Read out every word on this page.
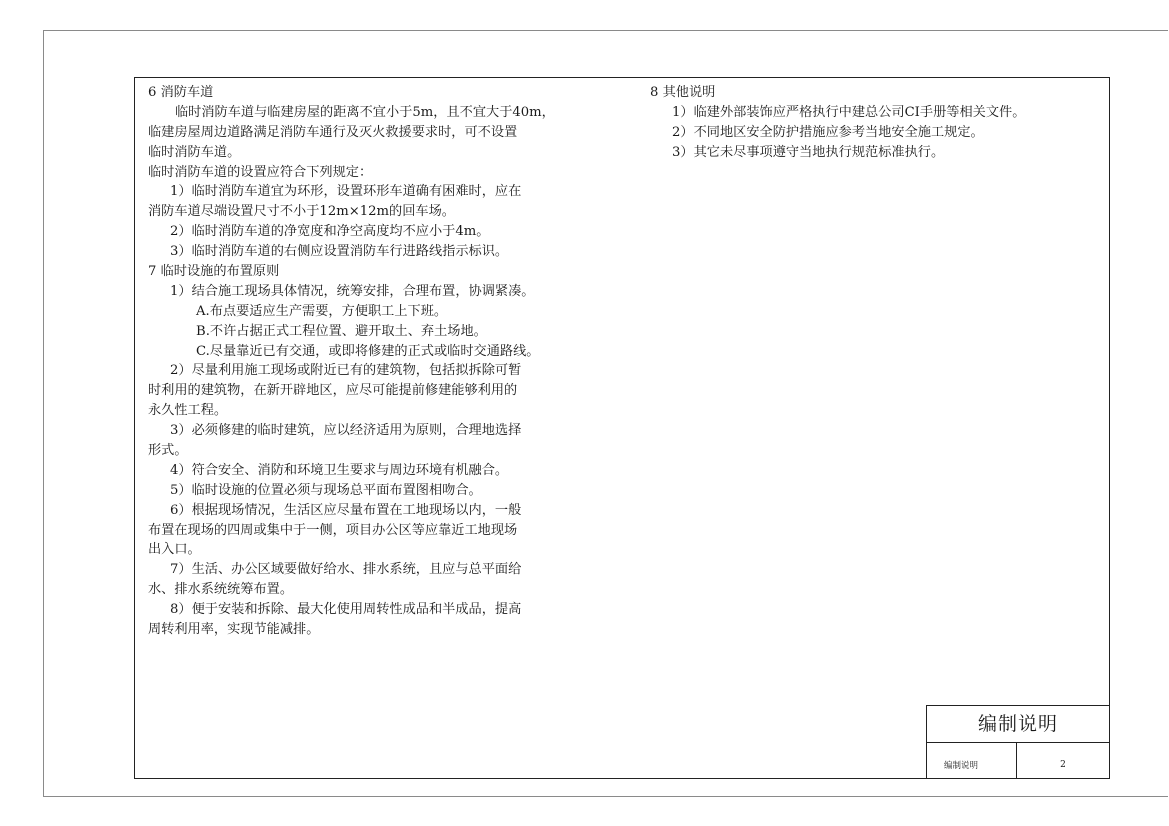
6 消防车道
临时消防车道与临建房屋的距离不宜小于5m，且不宜大于40m，
临建房屋周边道路满足消防车通行及灭火救援要求时，可不设置
临时消防车道。
临时消防车道的设置应符合下列规定：
1）临时消防车道宜为环形，设置环形车道确有困难时，应在
消防车道尽端设置尺寸不小于12m×12m的回车场。
2）临时消防车道的净宽度和净空高度均不应小于4m。
3）临时消防车道的右侧应设置消防车行进路线指示标识。
7 临时设施的布置原则
1）结合施工现场具体情况，统筹安排，合理布置，协调紧凑。
A.布点要适应生产需要，方便职工上下班。
B.不许占据正式工程位置、避开取土、弃土场地。
C.尽量靠近已有交通，或即将修建的正式或临时交通路线。
2）尽量利用施工现场或附近已有的建筑物，包括拟拆除可暂
时利用的建筑物，在新开辟地区，应尽可能提前修建能够利用的
永久性工程。
3）必须修建的临时建筑，应以经济适用为原则，合理地选择
形式。
4）符合安全、消防和环境卫生要求与周边环境有机融合。
5）临时设施的位置必须与现场总平面布置图相吻合。
6）根据现场情况，生活区应尽量布置在工地现场以内，一般
布置在现场的四周或集中于一侧，项目办公区等应靠近工地现场
出入口。
7）生活、办公区域要做好给水、排水系统，且应与总平面给
水、排水系统统筹布置。
8）便于安装和拆除、最大化使用周转性成品和半成品，提高
周转利用率，实现节能减排。
8 其他说明
1）临建外部装饰应严格执行中建总公司CI手册等相关文件。
2）不同地区安全防护措施应参考当地安全施工规定。
3）其它未尽事项遵守当地执行规范标准执行。
编制说明
编制说明	2
